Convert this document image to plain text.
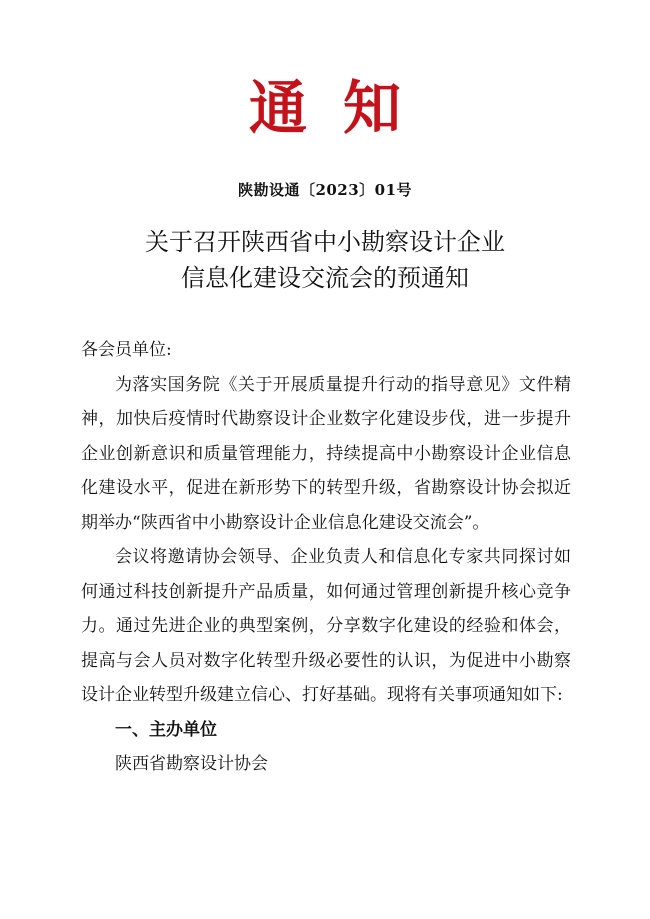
通知
陕勘设通〔2023〕01号
关于召开陕西省中小勘察设计企业
信息化建设交流会的预通知

各会员单位:

为落实国务院《关于开展质量提升行动的指导意见》文件精神，加快后疫情时代勘察设计企业数字化建设步伐，进一步提升企业创新意识和质量管理能力，持续提高中小勘察设计企业信息化建设水平，促进在新形势下的转型升级，省勘察设计协会拟近期举办“陕西省中小勘察设计企业信息化建设交流会”。

会议将邀请协会领导、企业负责人和信息化专家共同探讨如何通过科技创新提升产品质量，如何通过管理创新提升核心竞争力。通过先进企业的典型案例，分享数字化建设的经验和体会，提高与会人员对数字化转型升级必要性的认识，为促进中小勘察设计企业转型升级建立信心、打好基础。现将有关事项通知如下:

一、主办单位

陕西省勘察设计协会
